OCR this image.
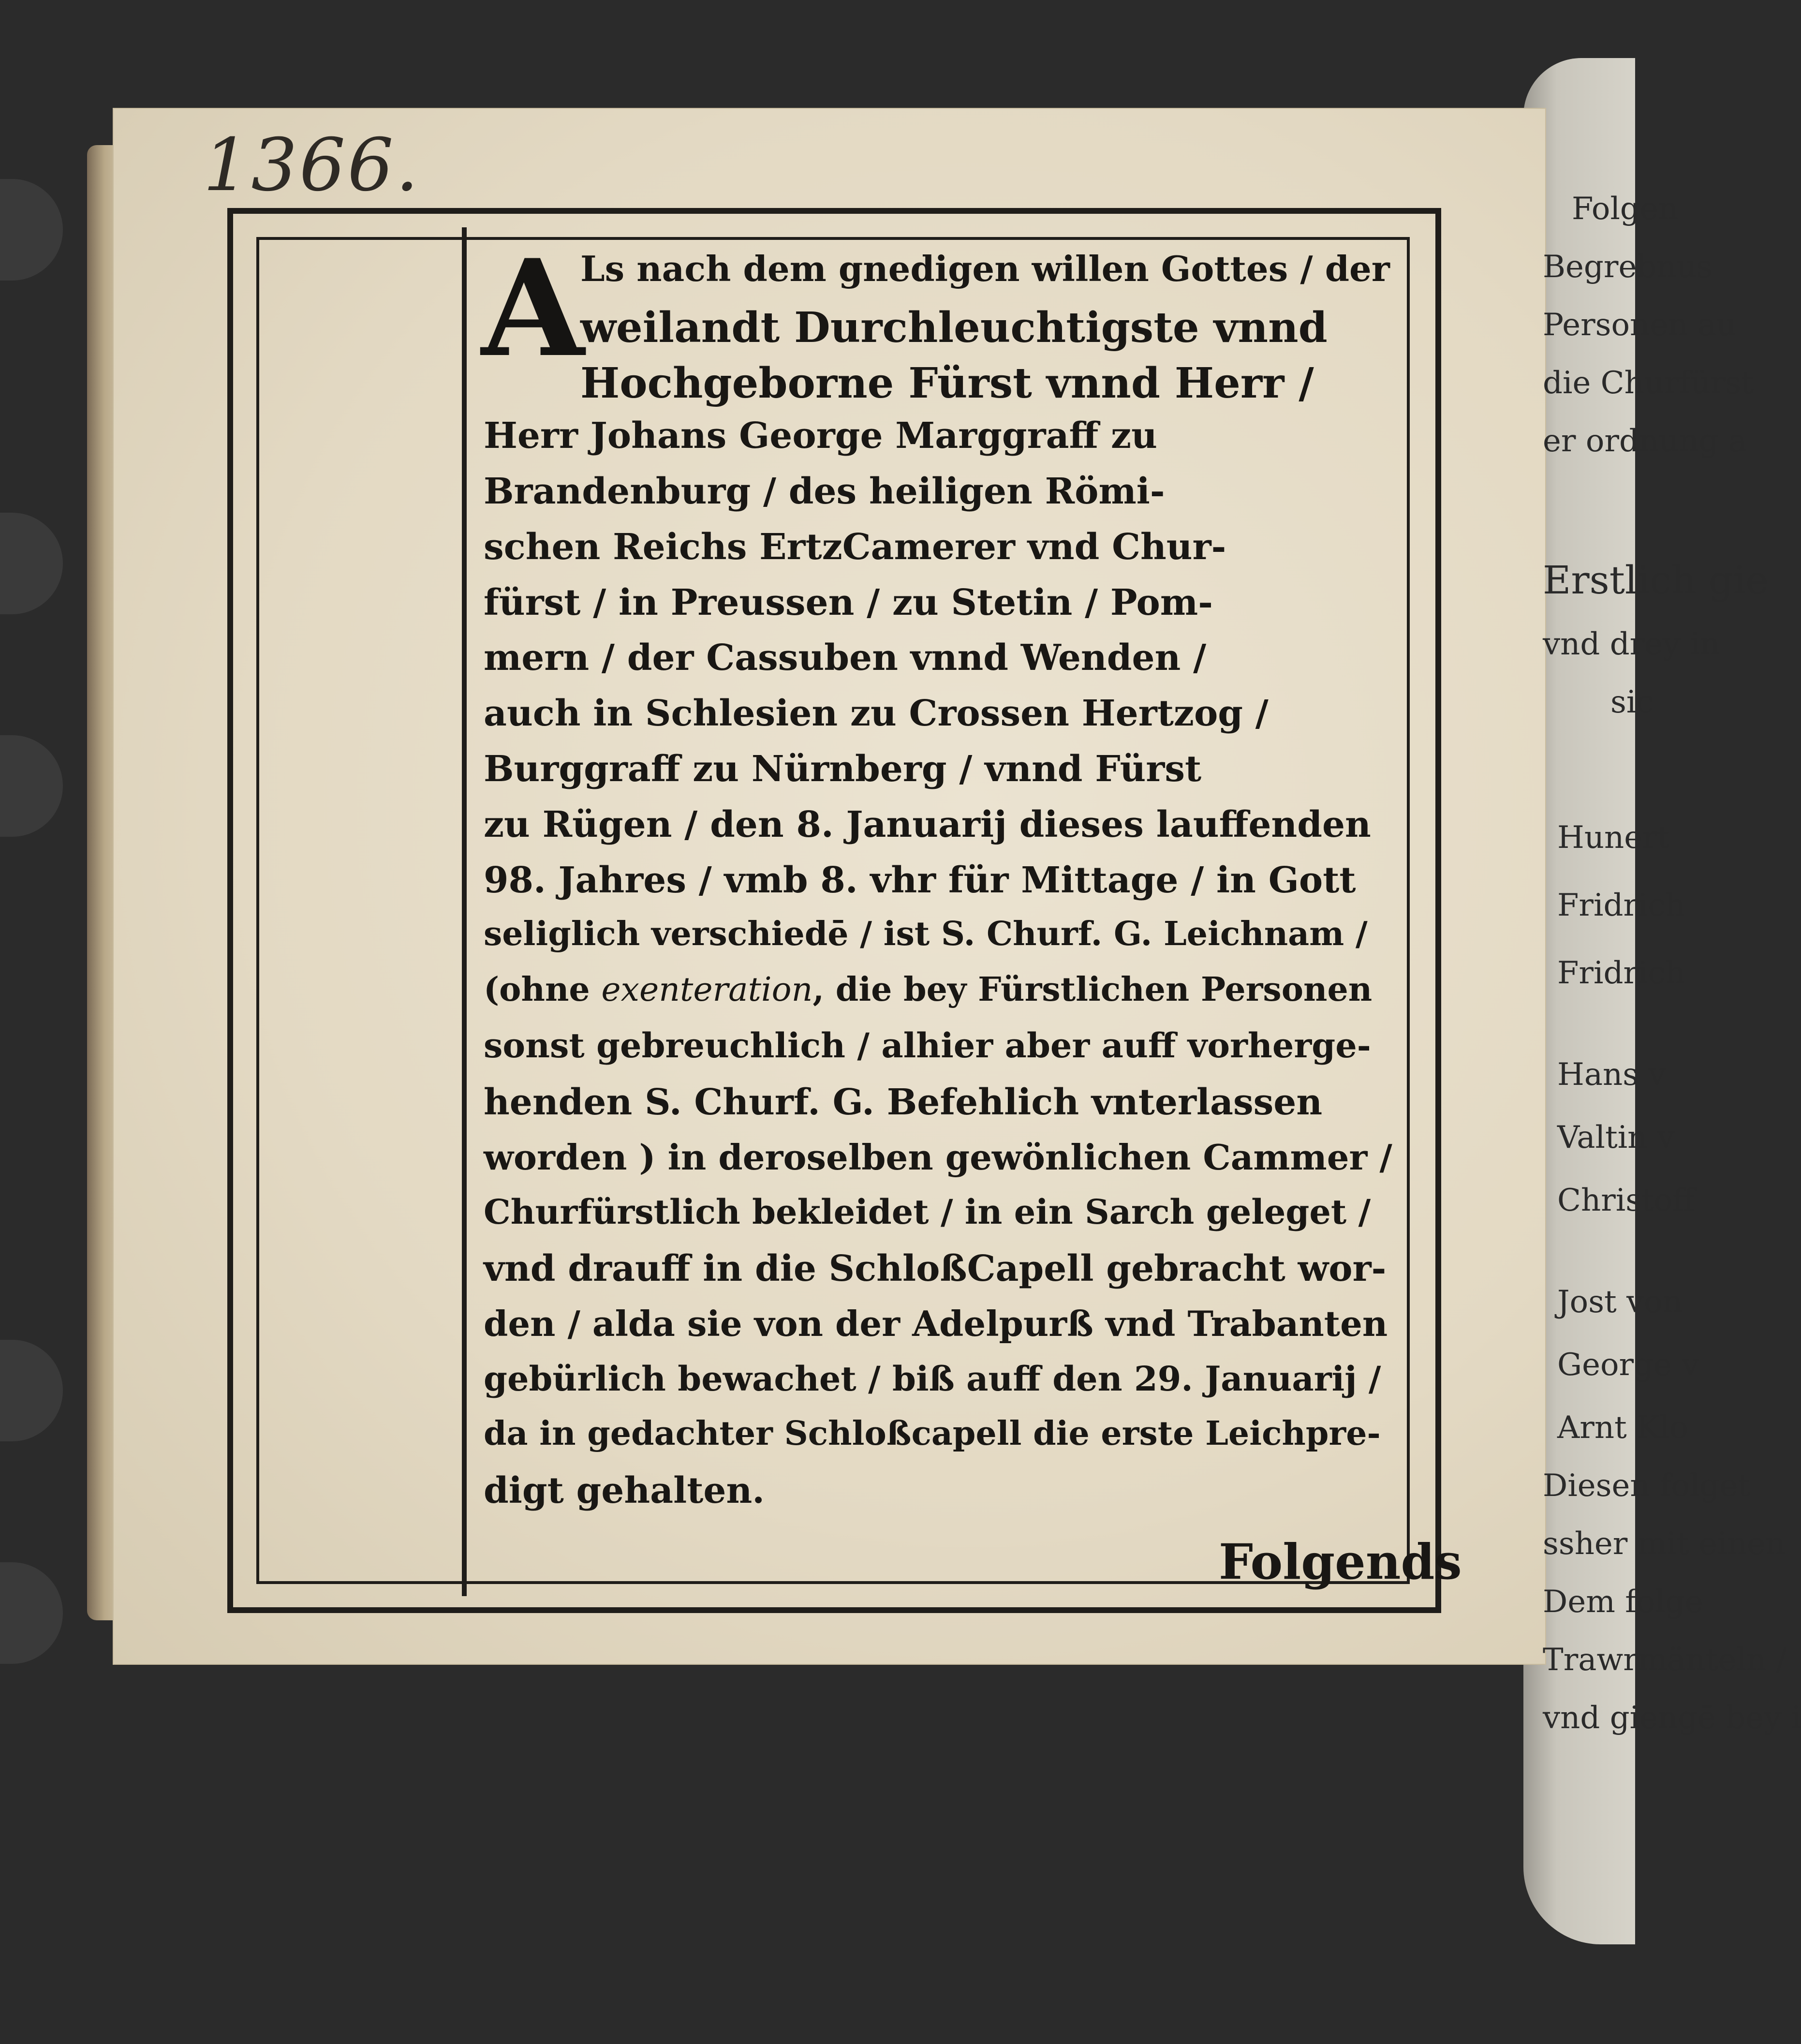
1366.
A
Ls nach dem gnedigen willen Gottes / der
weilandt Durchleuchtigste vnnd
Hochgeborne Fürst vnnd Herr /
Herr Johans George Marggraff zu
Brandenburg / des heiligen Römi-
schen Reichs ErtzCamerer vnd Chur-
fürst / in Preussen / zu Stetin / Pom-
mern / der Cassuben vnnd Wenden /
auch in Schlesien zu Crossen Hertzog /
Burggraff zu Nürnberg / vnnd Fürst
zu Rügen / den 8. Januarij dieses lauffenden
98. Jahres / vmb 8. vhr für Mittage / in Gott
seliglich verschiedē / ist S. Churf. G. Leichnam /
(ohne exenteration, die bey Fürstlichen Personen
sonst gebreuchlich / alhier aber auff vorherge-
henden S. Churf. G. Befehlich vnterlassen
worden ) in deroselben gewönlichen Cammer /
Churfürstlich bekleidet / in ein Sarch geleget /
vnd drauff in die SchloßCapell gebracht wor-
den / alda sie von der Adelpurß vnd Trabanten
gebürlich bewachet / biß auff den 29. Januarij /
da in gedachter Schloßcapell die erste Leichpre-
digt gehalten.
Folgends
Folgen
Begrebnus
Personen au
die Churfürst
er ordnung a
Erstlich gie
vnd drey in
sic
Hunert
Fridrich
Fridrich
Hans v
Valtin v
Christoff
Jost von
George v
Arnt Klo
Diesen folget
ssher mit einen
Dem folge
Trawrmänteln /
vnd giengē bey i
